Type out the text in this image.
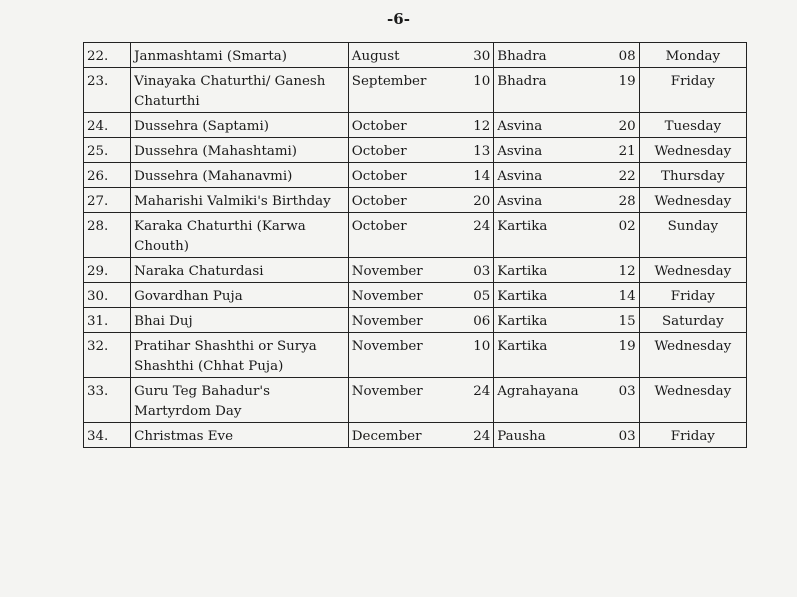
-6-
22.	Janmashtami (Smarta)	August 30	Bhadra 08	Monday
23.	Vinayaka Chaturthi/ Ganesh Chaturthi	September 10	Bhadra 19	Friday
24.	Dussehra (Saptami)	October 12	Asvina 20	Tuesday
25.	Dussehra (Mahashtami)	October 13	Asvina 21	Wednesday
26.	Dussehra (Mahanavmi)	October 14	Asvina 22	Thursday
27.	Maharishi Valmiki's Birthday	October 20	Asvina 28	Wednesday
28.	Karaka Chaturthi (Karwa Chouth)	October 24	Kartika 02	Sunday
29.	Naraka Chaturdasi	November 03	Kartika 12	Wednesday
30.	Govardhan Puja	November 05	Kartika 14	Friday
31.	Bhai Duj	November 06	Kartika 15	Saturday
32.	Pratihar Shashthi or Surya Shashthi (Chhat Puja)	November 10	Kartika 19	Wednesday
33.	Guru Teg Bahadur's Martyrdom Day	November 24	Agrahayana 03	Wednesday
34.	Christmas Eve	December 24	Pausha 03	Friday
